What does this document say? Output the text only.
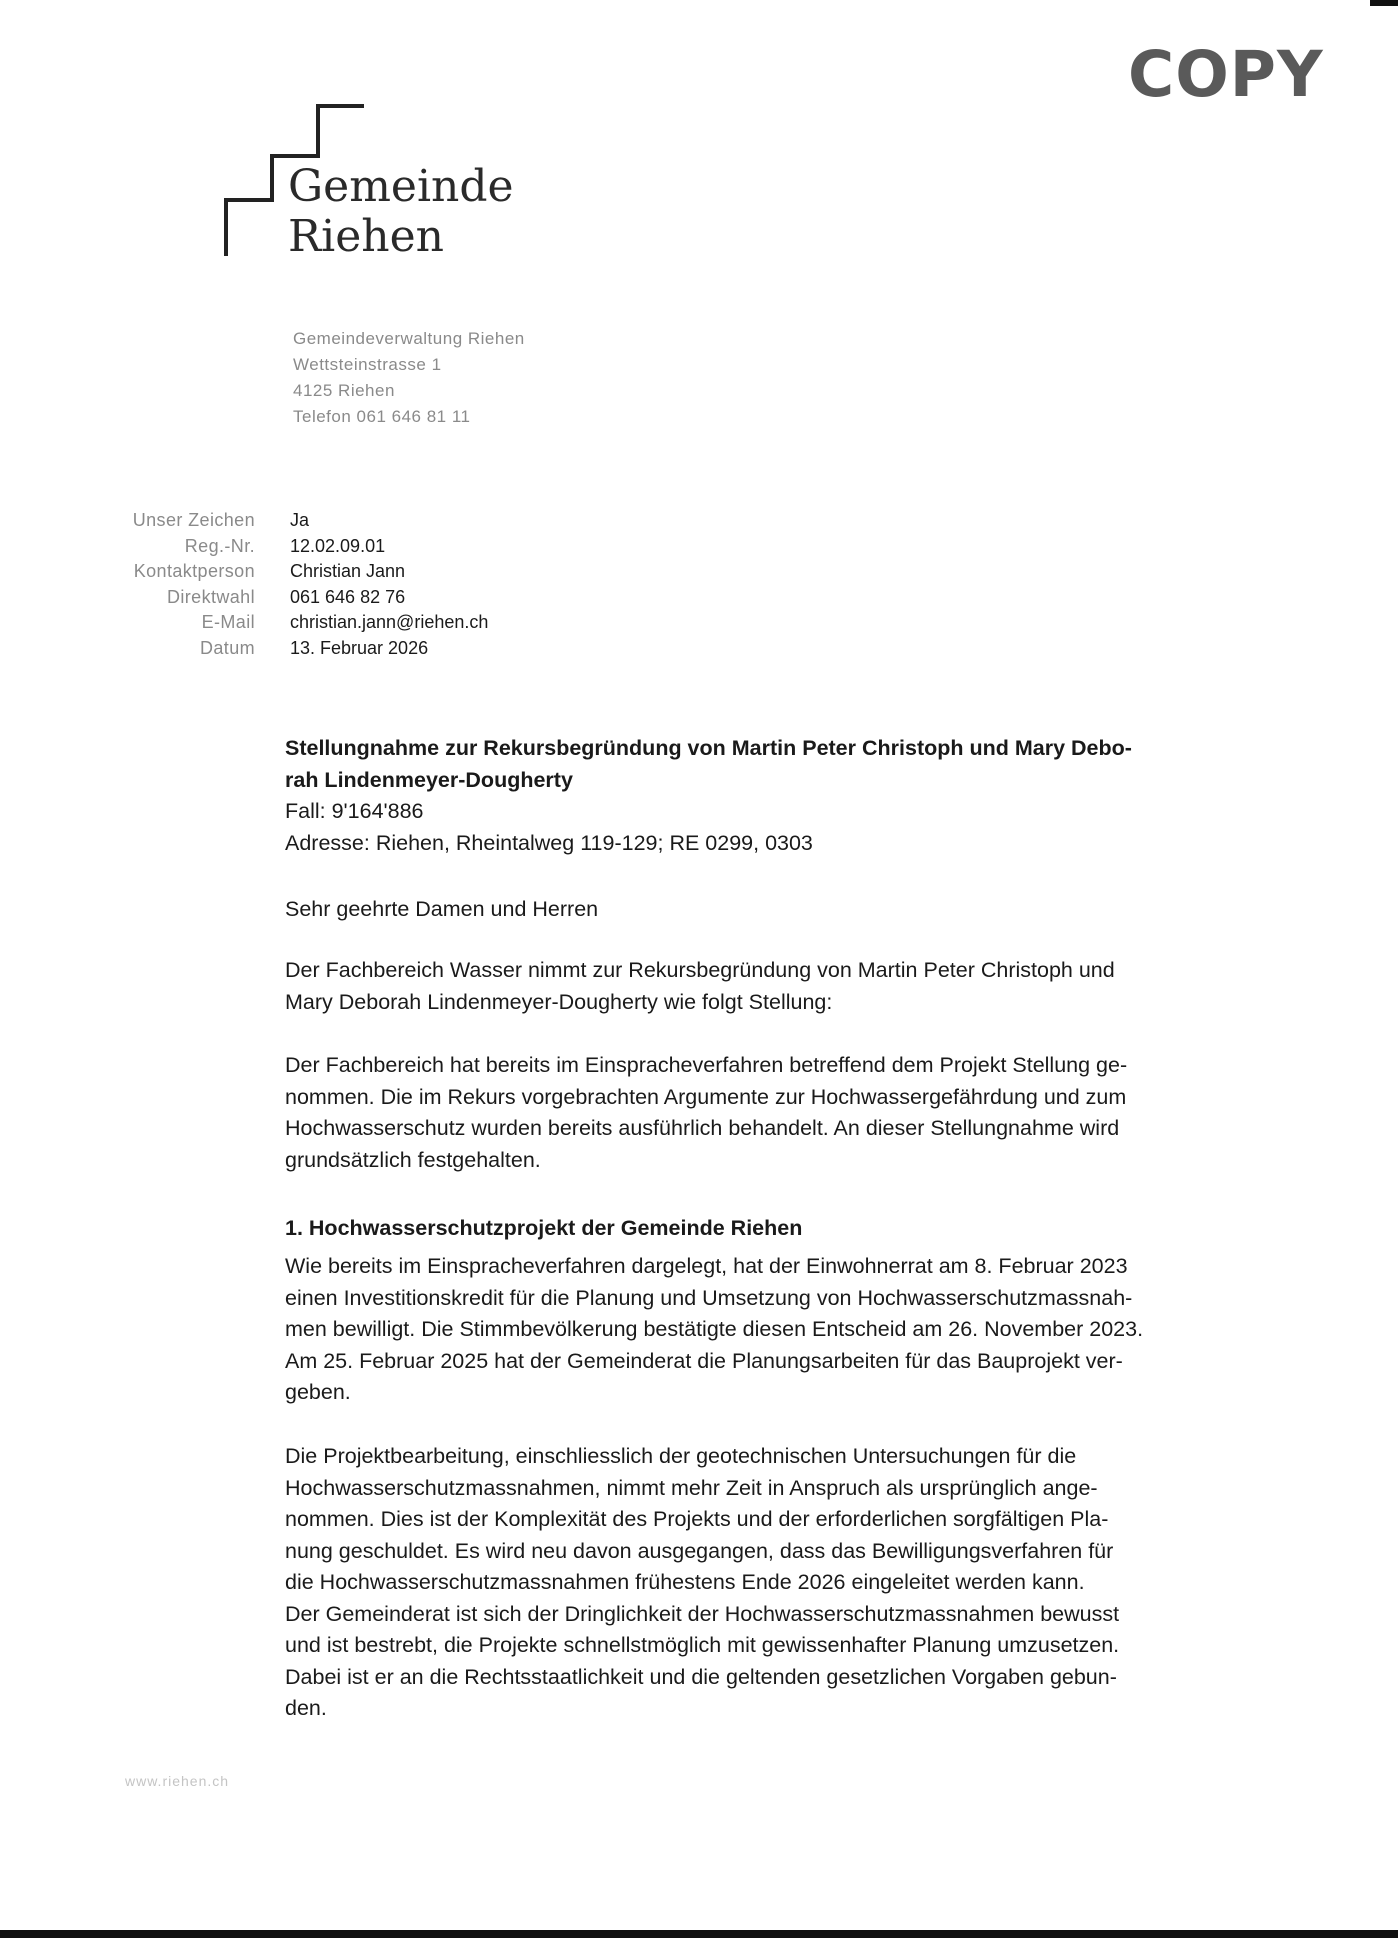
COPY
Gemeinde
Riehen
Gemeindeverwaltung Riehen
Wettsteinstrasse 1
4125 Riehen
Telefon 061 646 81 11
Unser Zeichen Ja
Reg.-Nr. 12.02.09.01
Kontaktperson Christian Jann
Direktwahl 061 646 82 76
E-Mail christian.jann@riehen.ch
Datum 13. Februar 2026
Stellungnahme zur Rekursbegründung von Martin Peter Christoph und Mary Debo-
rah Lindenmeyer-Dougherty
Fall: 9'164'886
Adresse: Riehen, Rheintalweg 119-129; RE 0299, 0303
Sehr geehrte Damen und Herren
Der Fachbereich Wasser nimmt zur Rekursbegründung von Martin Peter Christoph und
Mary Deborah Lindenmeyer-Dougherty wie folgt Stellung:
Der Fachbereich hat bereits im Einspracheverfahren betreffend dem Projekt Stellung ge-
nommen. Die im Rekurs vorgebrachten Argumente zur Hochwassergefährdung und zum
Hochwasserschutz wurden bereits ausführlich behandelt. An dieser Stellungnahme wird
grundsätzlich festgehalten.
1. Hochwasserschutzprojekt der Gemeinde Riehen
Wie bereits im Einspracheverfahren dargelegt, hat der Einwohnerrat am 8. Februar 2023
einen Investitionskredit für die Planung und Umsetzung von Hochwasserschutzmassnah-
men bewilligt. Die Stimmbevölkerung bestätigte diesen Entscheid am 26. November 2023.
Am 25. Februar 2025 hat der Gemeinderat die Planungsarbeiten für das Bauprojekt ver-
geben.
Die Projektbearbeitung, einschliesslich der geotechnischen Untersuchungen für die
Hochwasserschutzmassnahmen, nimmt mehr Zeit in Anspruch als ursprünglich ange-
nommen. Dies ist der Komplexität des Projekts und der erforderlichen sorgfältigen Pla-
nung geschuldet. Es wird neu davon ausgegangen, dass das Bewilligungsverfahren für
die Hochwasserschutzmassnahmen frühestens Ende 2026 eingeleitet werden kann.
Der Gemeinderat ist sich der Dringlichkeit der Hochwasserschutzmassnahmen bewusst
und ist bestrebt, die Projekte schnellstmöglich mit gewissenhafter Planung umzusetzen.
Dabei ist er an die Rechtsstaatlichkeit und die geltenden gesetzlichen Vorgaben gebun-
den.
www.riehen.ch
